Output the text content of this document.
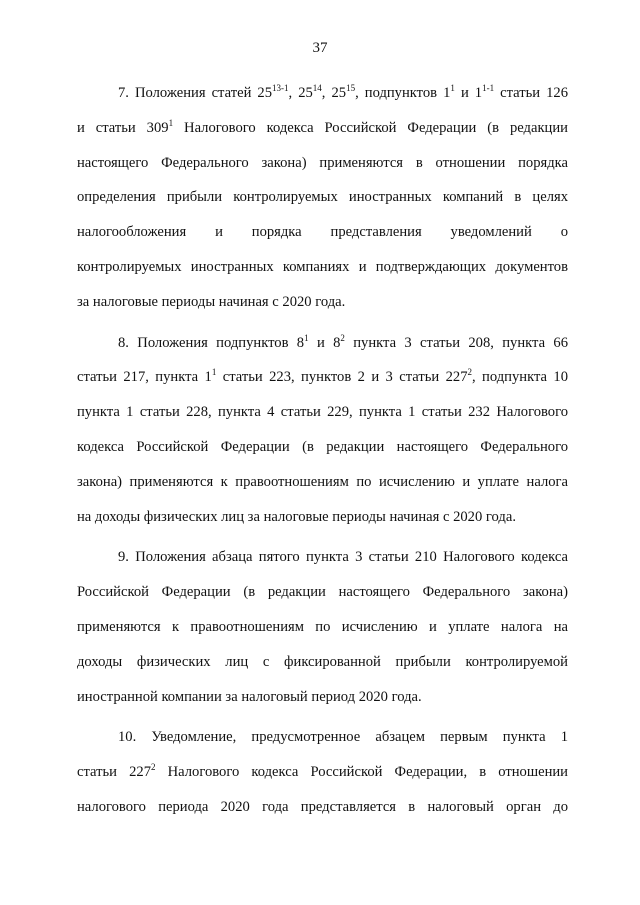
37

7. Положения статей 25$^{13-1}$, $25^{14}$, $25^{15}$, подпунктов $1^1$ и 1$^{1-1}$ статьи 126
и статьи $309^1$ Налогового кодекса Российской Федерации (в редакции
настоящего Федерального закона) применяются в отношении порядка
определения прибыли контролируемых иностранных компаний в целях
налогообложения и порядка представления уведомлений о
контролируемых иностранных компаниях и подтверждающих документов
за налоговые периоды начиная с 2020 года.

8. Положения подпунктов $8^1$ и $8^2$ пункта 3 статьи 208, пункта 66
статьи 217, пункта $1^1$ статьи 223, пунктов 2 и 3 статьи $227^2$, подпункта 10
пункта 1 статьи 228, пункта 4 статьи 229, пункта 1 статьи 232 Налогового
кодекса Российской Федерации (в редакции настоящего Федерального
закона) применяются к правоотношениям по исчислению и уплате налога
на доходы физических лиц за налоговые периоды начиная с 2020 года.

9. Положения абзаца пятого пункта 3 статьи 210 Налогового кодекса
Российской Федерации (в редакции настоящего Федерального закона)
применяются к правоотношениям по исчислению и уплате налога на
доходы физических лиц с фиксированной прибыли контролируемой
иностранной компании за налоговый период 2020 года.

10. Уведомление, предусмотренное абзацем первым пункта 1
статьи $227^2$ Налогового кодекса Российской Федерации, в отношении
налогового периода 2020 года представляется в налоговый орган до
